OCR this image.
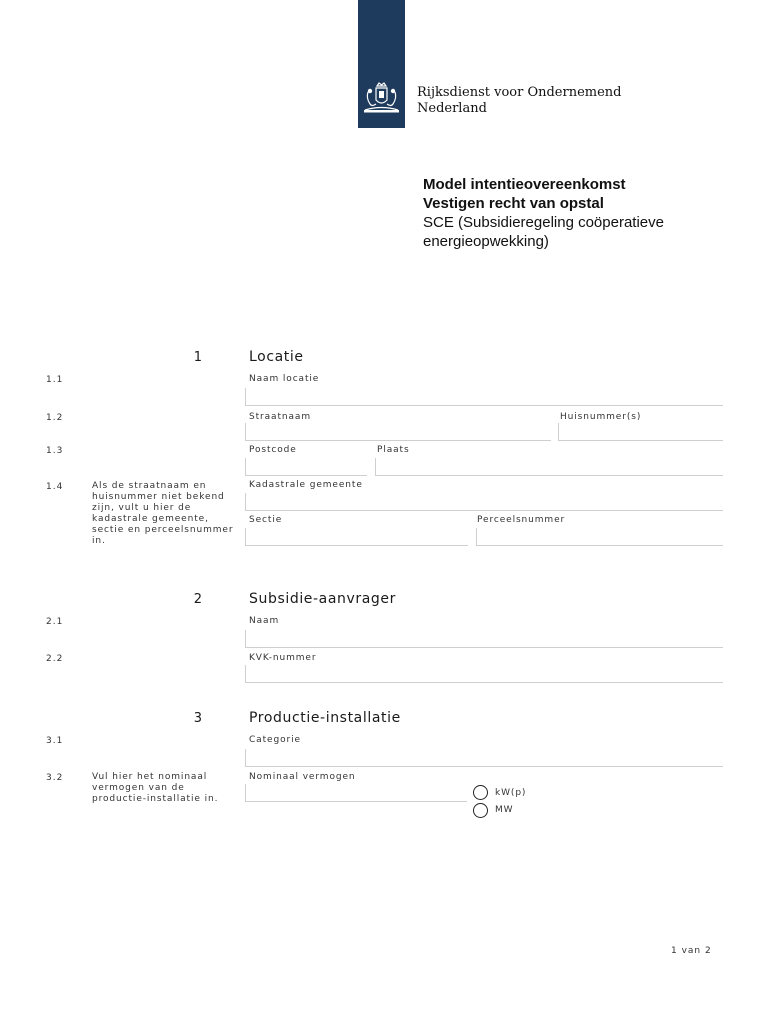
Rijksdienst voor Ondernemend
Nederland
Model intentieovereenkomst
Vestigen recht van opstal
SCE (Subsidieregeling coöperatieve
energieopwekking)
1	Locatie
1.1	Naam locatie
1.2	Straatnaam	Huisnummer(s)
1.3	Postcode	Plaats
1.4	Als de straatnaam en huisnummer niet bekend zijn, vult u hier de kadastrale gemeente, sectie en perceelsnummer in.
Kadastrale gemeente
Sectie	Perceelsnummer
2	Subsidie-aanvrager
2.1	Naam
2.2	KVK-nummer
3	Productie-installatie
3.1	Categorie
3.2	Vul hier het nominaal vermogen van de productie-installatie in.
Nominaal vermogen
kW(p)
MW
1 van 2
